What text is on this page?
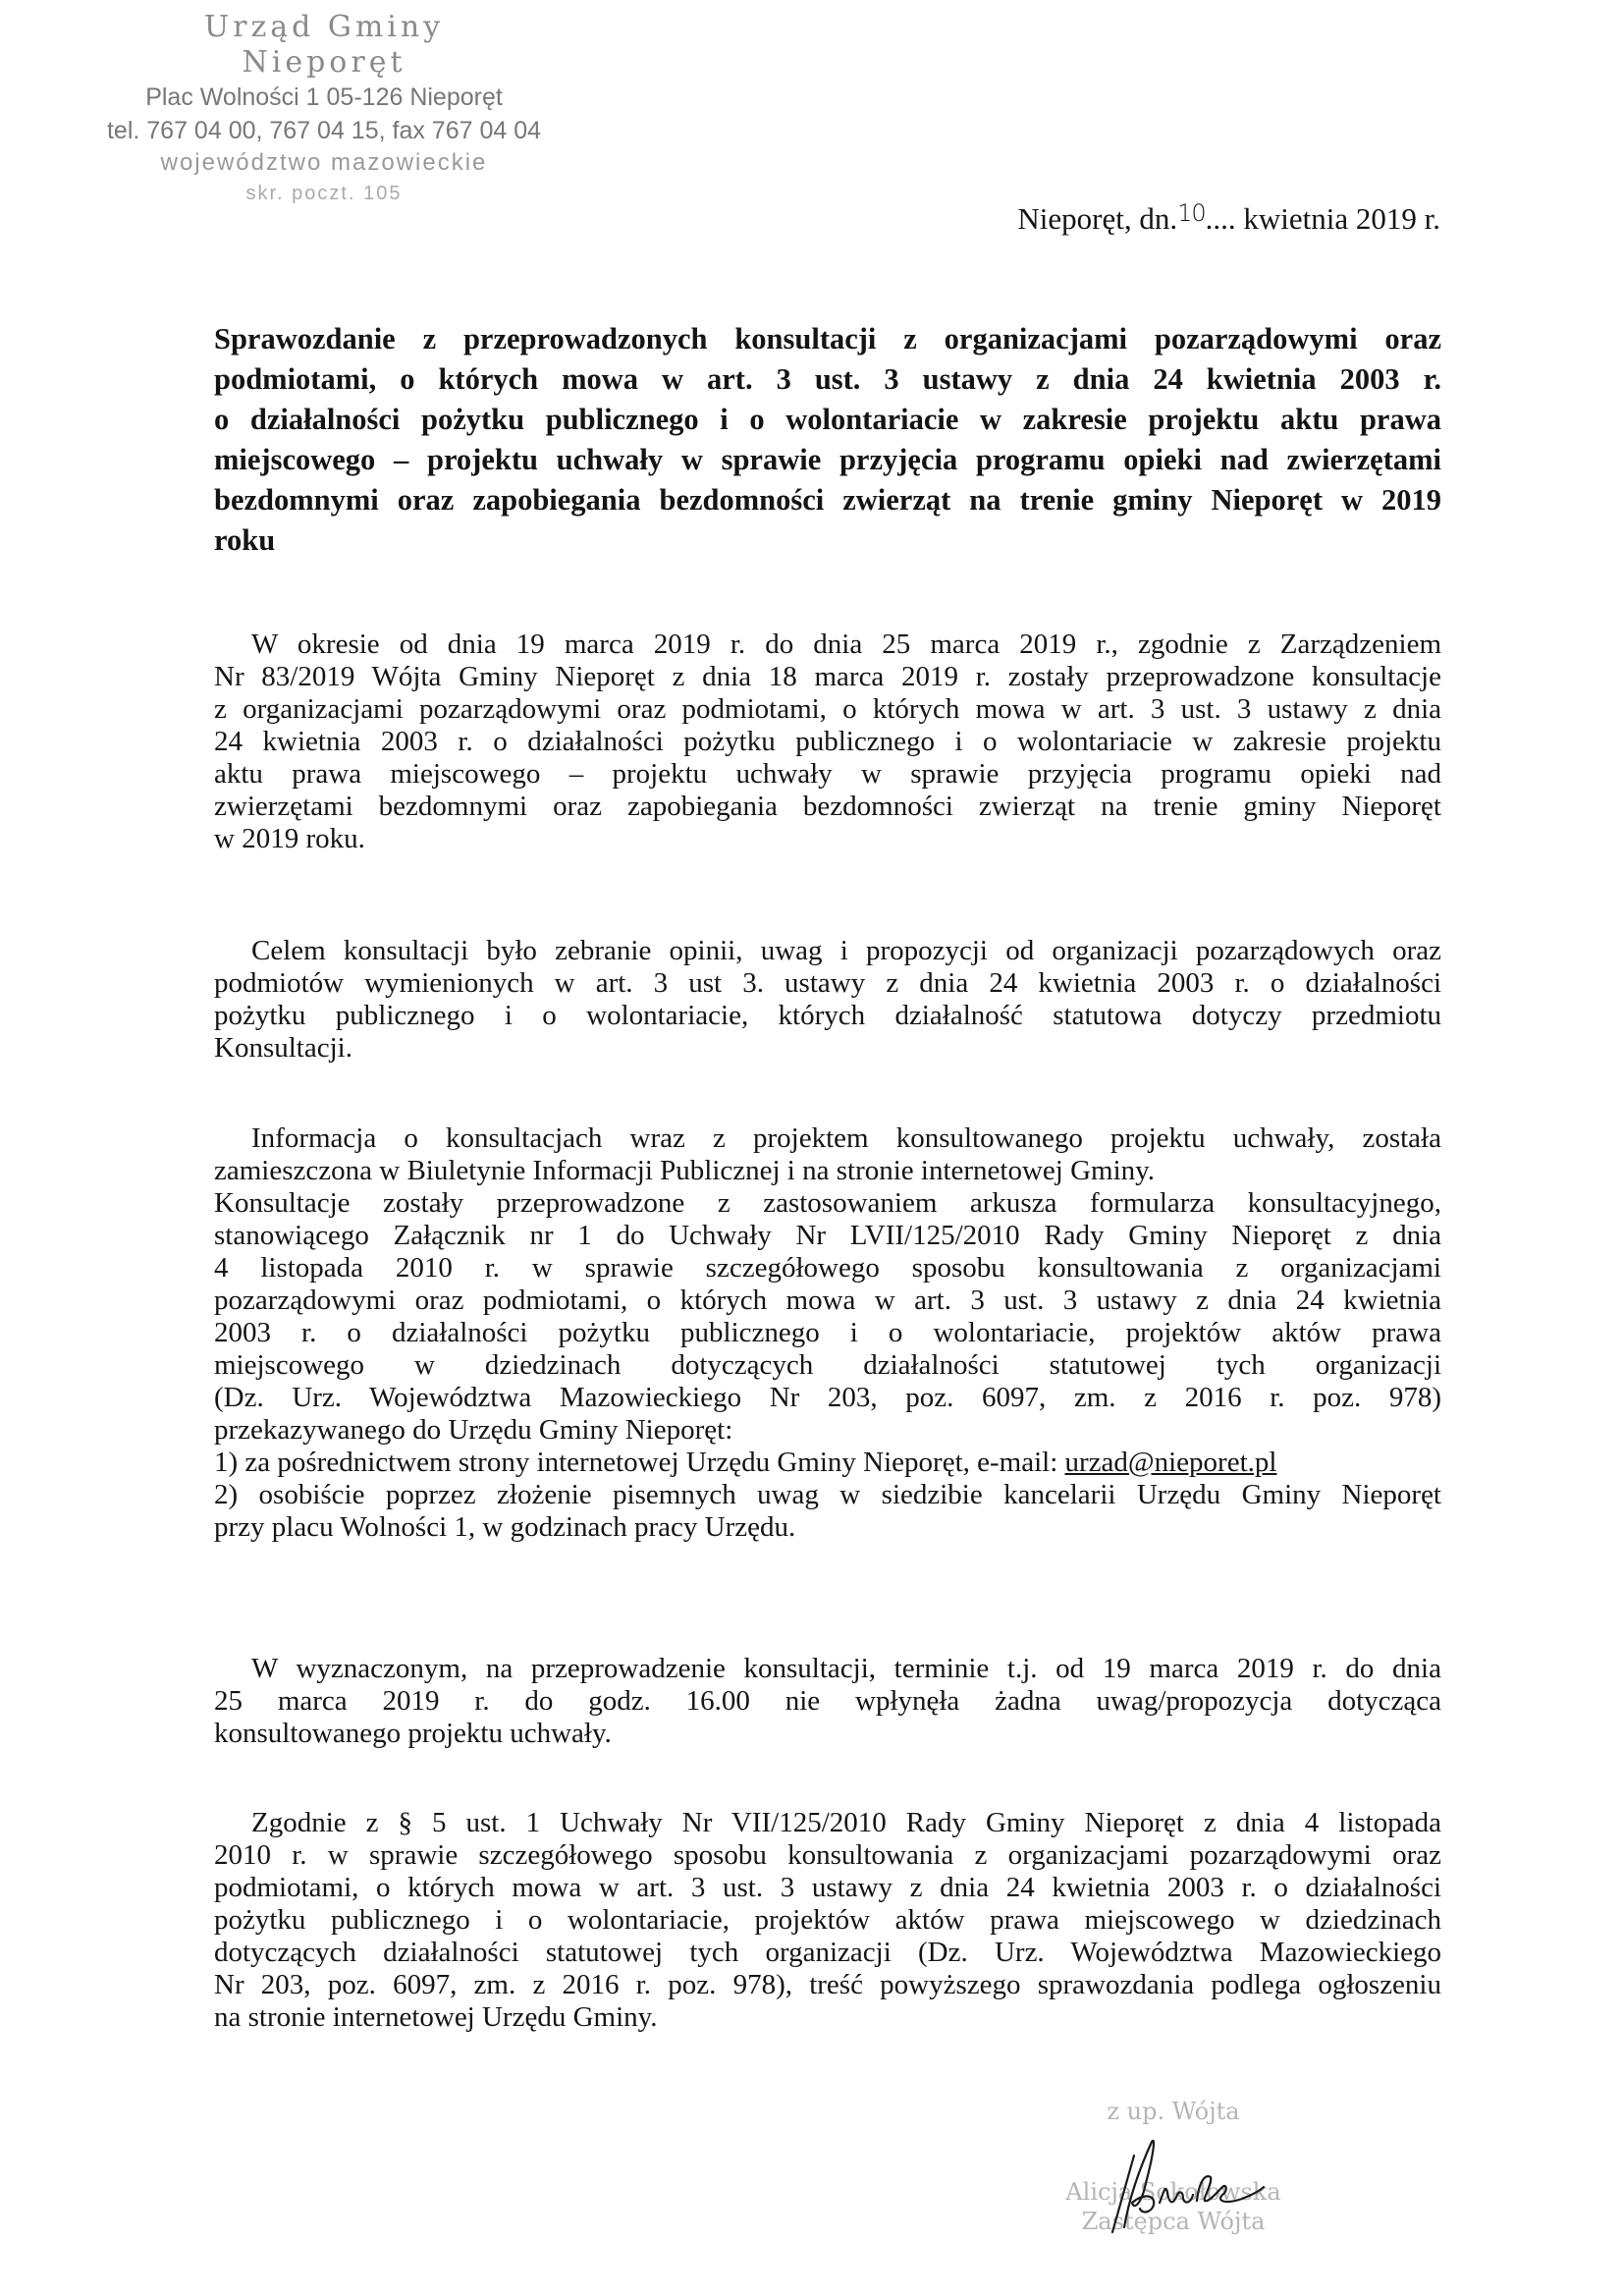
Urząd Gminy
Nieporęt
Plac Wolności 1 05-126 Nieporęt
tel. 767 04 00, 767 04 15, fax 767 04 04
województwo mazowieckie
skr. poczt. 105
Nieporęt, dn.$^{10}$.... kwietnia 2019 r.
Sprawozdanie z przeprowadzonych konsultacji z organizacjami pozarządowymi oraz
podmiotami, o których mowa w art. 3 ust. 3 ustawy z dnia 24 kwietnia 2003 r.
o działalności pożytku publicznego i o wolontariacie w zakresie projektu aktu prawa
miejscowego – projektu uchwały w sprawie przyjęcia programu opieki nad zwierzętami
bezdomnymi oraz zapobiegania bezdomności zwierząt na trenie gminy Nieporęt w 2019
roku
W okresie od dnia 19 marca 2019 r. do dnia 25 marca 2019 r., zgodnie z Zarządzeniem
Nr 83/2019 Wójta Gminy Nieporęt z dnia 18 marca 2019 r. zostały przeprowadzone konsultacje
z organizacjami pozarządowymi oraz podmiotami, o których mowa w art. 3 ust. 3 ustawy z dnia
24 kwietnia 2003 r. o działalności pożytku publicznego i o wolontariacie w zakresie projektu
aktu prawa miejscowego – projektu uchwały w sprawie przyjęcia programu opieki nad
zwierzętami bezdomnymi oraz zapobiegania bezdomności zwierząt na trenie gminy Nieporęt
w 2019 roku.
Celem konsultacji było zebranie opinii, uwag i propozycji od organizacji pozarządowych oraz
podmiotów wymienionych w art. 3 ust 3. ustawy z dnia 24 kwietnia 2003 r. o działalności
pożytku publicznego i o wolontariacie, których działalność statutowa dotyczy przedmiotu
Konsultacji.
Informacja o konsultacjach wraz z projektem konsultowanego projektu uchwały, została
zamieszczona w Biuletynie Informacji Publicznej i na stronie internetowej Gminy.
Konsultacje zostały przeprowadzone z zastosowaniem arkusza formularza konsultacyjnego,
stanowiącego Załącznik nr 1 do Uchwały Nr LVII/125/2010 Rady Gminy Nieporęt z dnia
4 listopada 2010 r. w sprawie szczegółowego sposobu konsultowania z organizacjami
pozarządowymi oraz podmiotami, o których mowa w art. 3 ust. 3 ustawy z dnia 24 kwietnia
2003 r. o działalności pożytku publicznego i o wolontariacie, projektów aktów prawa
miejscowego w dziedzinach dotyczących działalności statutowej tych organizacji
(Dz. Urz. Województwa Mazowieckiego Nr 203, poz. 6097, zm. z 2016 r. poz. 978)
przekazywanego do Urzędu Gminy Nieporęt:
1) za pośrednictwem strony internetowej Urzędu Gminy Nieporęt, e-mail: urzad@nieporet.pl
2) osobiście poprzez złożenie pisemnych uwag w siedzibie kancelarii Urzędu Gminy Nieporęt
przy placu Wolności 1, w godzinach pracy Urzędu.
W wyznaczonym, na przeprowadzenie konsultacji, terminie t.j. od 19 marca 2019 r. do dnia
25 marca 2019 r. do godz. 16.00 nie wpłynęła żadna uwag/propozycja dotycząca
konsultowanego projektu uchwały.
Zgodnie z § 5 ust. 1 Uchwały Nr VII/125/2010 Rady Gminy Nieporęt z dnia 4 listopada
2010 r. w sprawie szczegółowego sposobu konsultowania z organizacjami pozarządowymi oraz
podmiotami, o których mowa w art. 3 ust. 3 ustawy z dnia 24 kwietnia 2003 r. o działalności
pożytku publicznego i o wolontariacie, projektów aktów prawa miejscowego w dziedzinach
dotyczących działalności statutowej tych organizacji (Dz. Urz. Województwa Mazowieckiego
Nr 203, poz. 6097, zm. z 2016 r. poz. 978), treść powyższego sprawozdania podlega ogłoszeniu
na stronie internetowej Urzędu Gminy.
z up. Wójta
Alicja Sokołowska
Zastępca Wójta
